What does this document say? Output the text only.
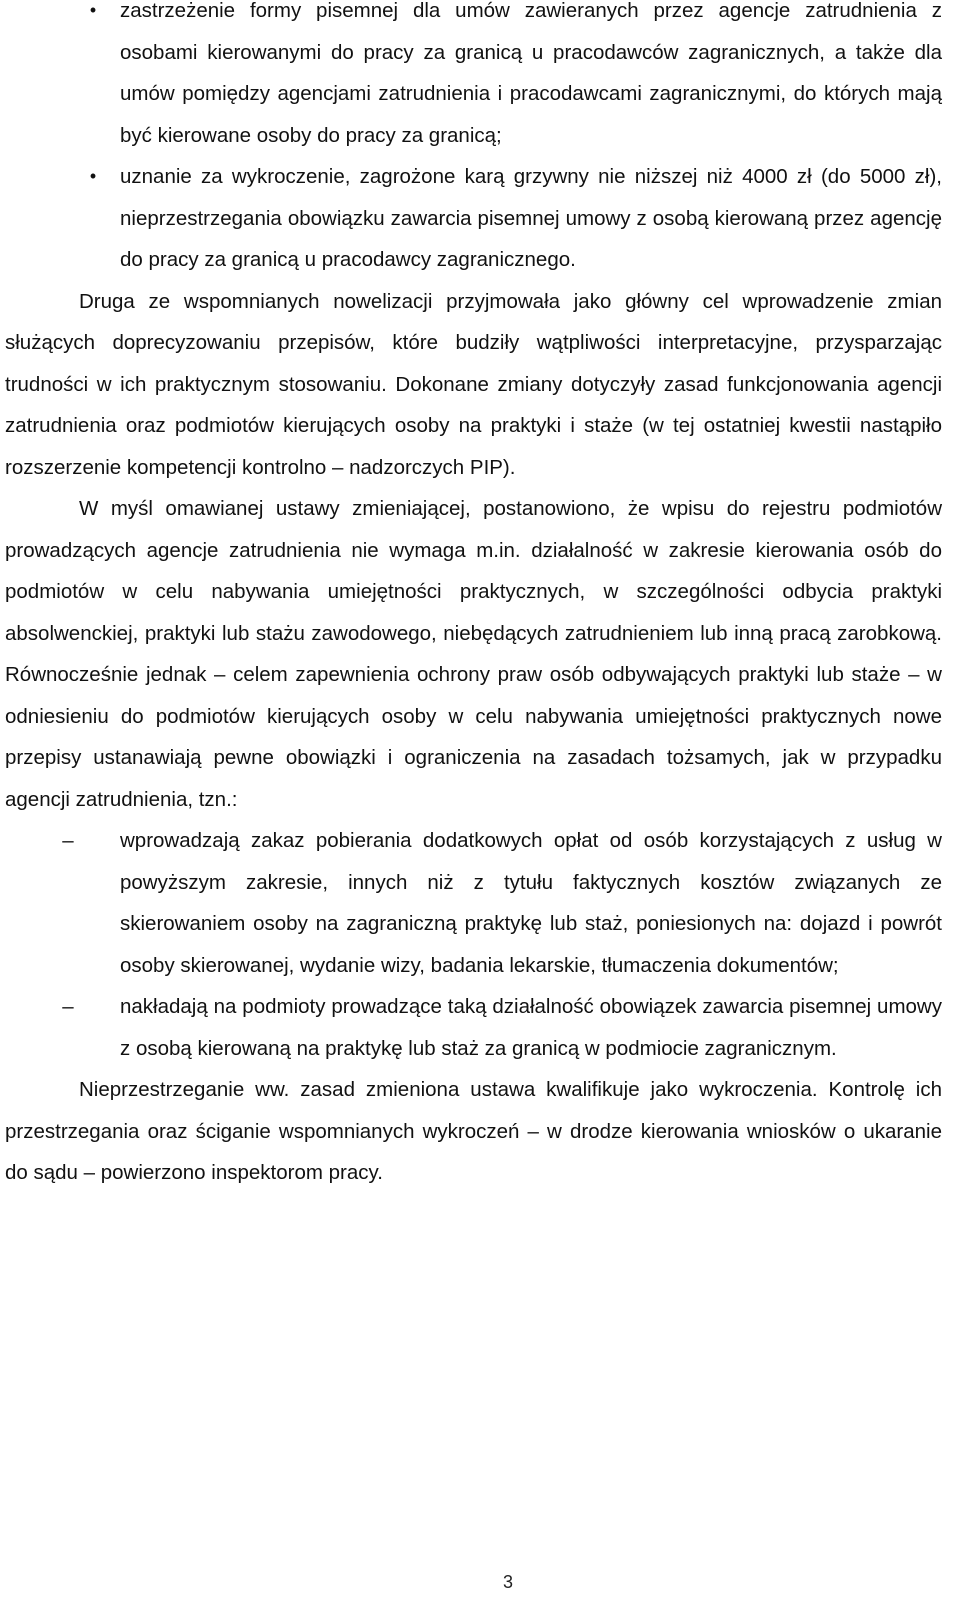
•	zastrzeżenie formy pisemnej dla umów zawieranych przez agencje zatrudnienia z osobami kierowanymi do pracy za granicą u pracodawców zagranicznych, a także dla umów pomiędzy agencjami zatrudnienia i pracodawcami zagranicznymi, do których mają być kierowane osoby do pracy za granicą;
•	uznanie za wykroczenie, zagrożone karą grzywny nie niższej niż 4000 zł (do 5000 zł), nieprzestrzegania obowiązku zawarcia pisemnej umowy z osobą kierowaną przez agencję do pracy za granicą u pracodawcy zagranicznego.

Druga ze wspomnianych nowelizacji przyjmowała jako główny cel wprowadzenie zmian służących doprecyzowaniu przepisów, które budziły wątpliwości interpretacyjne, przysparzając trudności w ich praktycznym stosowaniu. Dokonane zmiany dotyczyły zasad funkcjonowania agencji zatrudnienia oraz podmiotów kierujących osoby na praktyki i staże (w tej ostatniej kwestii nastąpiło rozszerzenie kompetencji kontrolno – nadzorczych PIP).

W myśl omawianej ustawy zmieniającej, postanowiono, że wpisu do rejestru podmiotów prowadzących agencje zatrudnienia nie wymaga m.in. działalność w zakresie kierowania osób do podmiotów w celu nabywania umiejętności praktycznych, w szczególności odbycia praktyki absolwenckiej, praktyki lub stażu zawodowego, niebędących zatrudnieniem lub inną pracą zarobkową. Równocześnie jednak – celem zapewnienia ochrony praw osób odbywających praktyki lub staże – w odniesieniu do podmiotów kierujących osoby w celu nabywania umiejętności praktycznych nowe przepisy ustanawiają pewne obowiązki i ograniczenia na zasadach tożsamych, jak w przypadku agencji zatrudnienia, tzn.:

–	wprowadzają zakaz pobierania dodatkowych opłat od osób korzystających z usług w powyższym zakresie, innych niż z tytułu faktycznych kosztów związanych ze skierowaniem osoby na zagraniczną praktykę lub staż, poniesionych na: dojazd i powrót osoby skierowanej, wydanie wizy, badania lekarskie, tłumaczenia dokumentów;
–	nakładają na podmioty prowadzące taką działalność obowiązek zawarcia pisemnej umowy z osobą kierowaną na praktykę lub staż za granicą w podmiocie zagranicznym.

Nieprzestrzeganie ww. zasad zmieniona ustawa kwalifikuje jako wykroczenia. Kontrolę ich przestrzegania oraz ściganie wspomnianych wykroczeń – w drodze kierowania wniosków o ukaranie do sądu – powierzono inspektorom pracy.

3
